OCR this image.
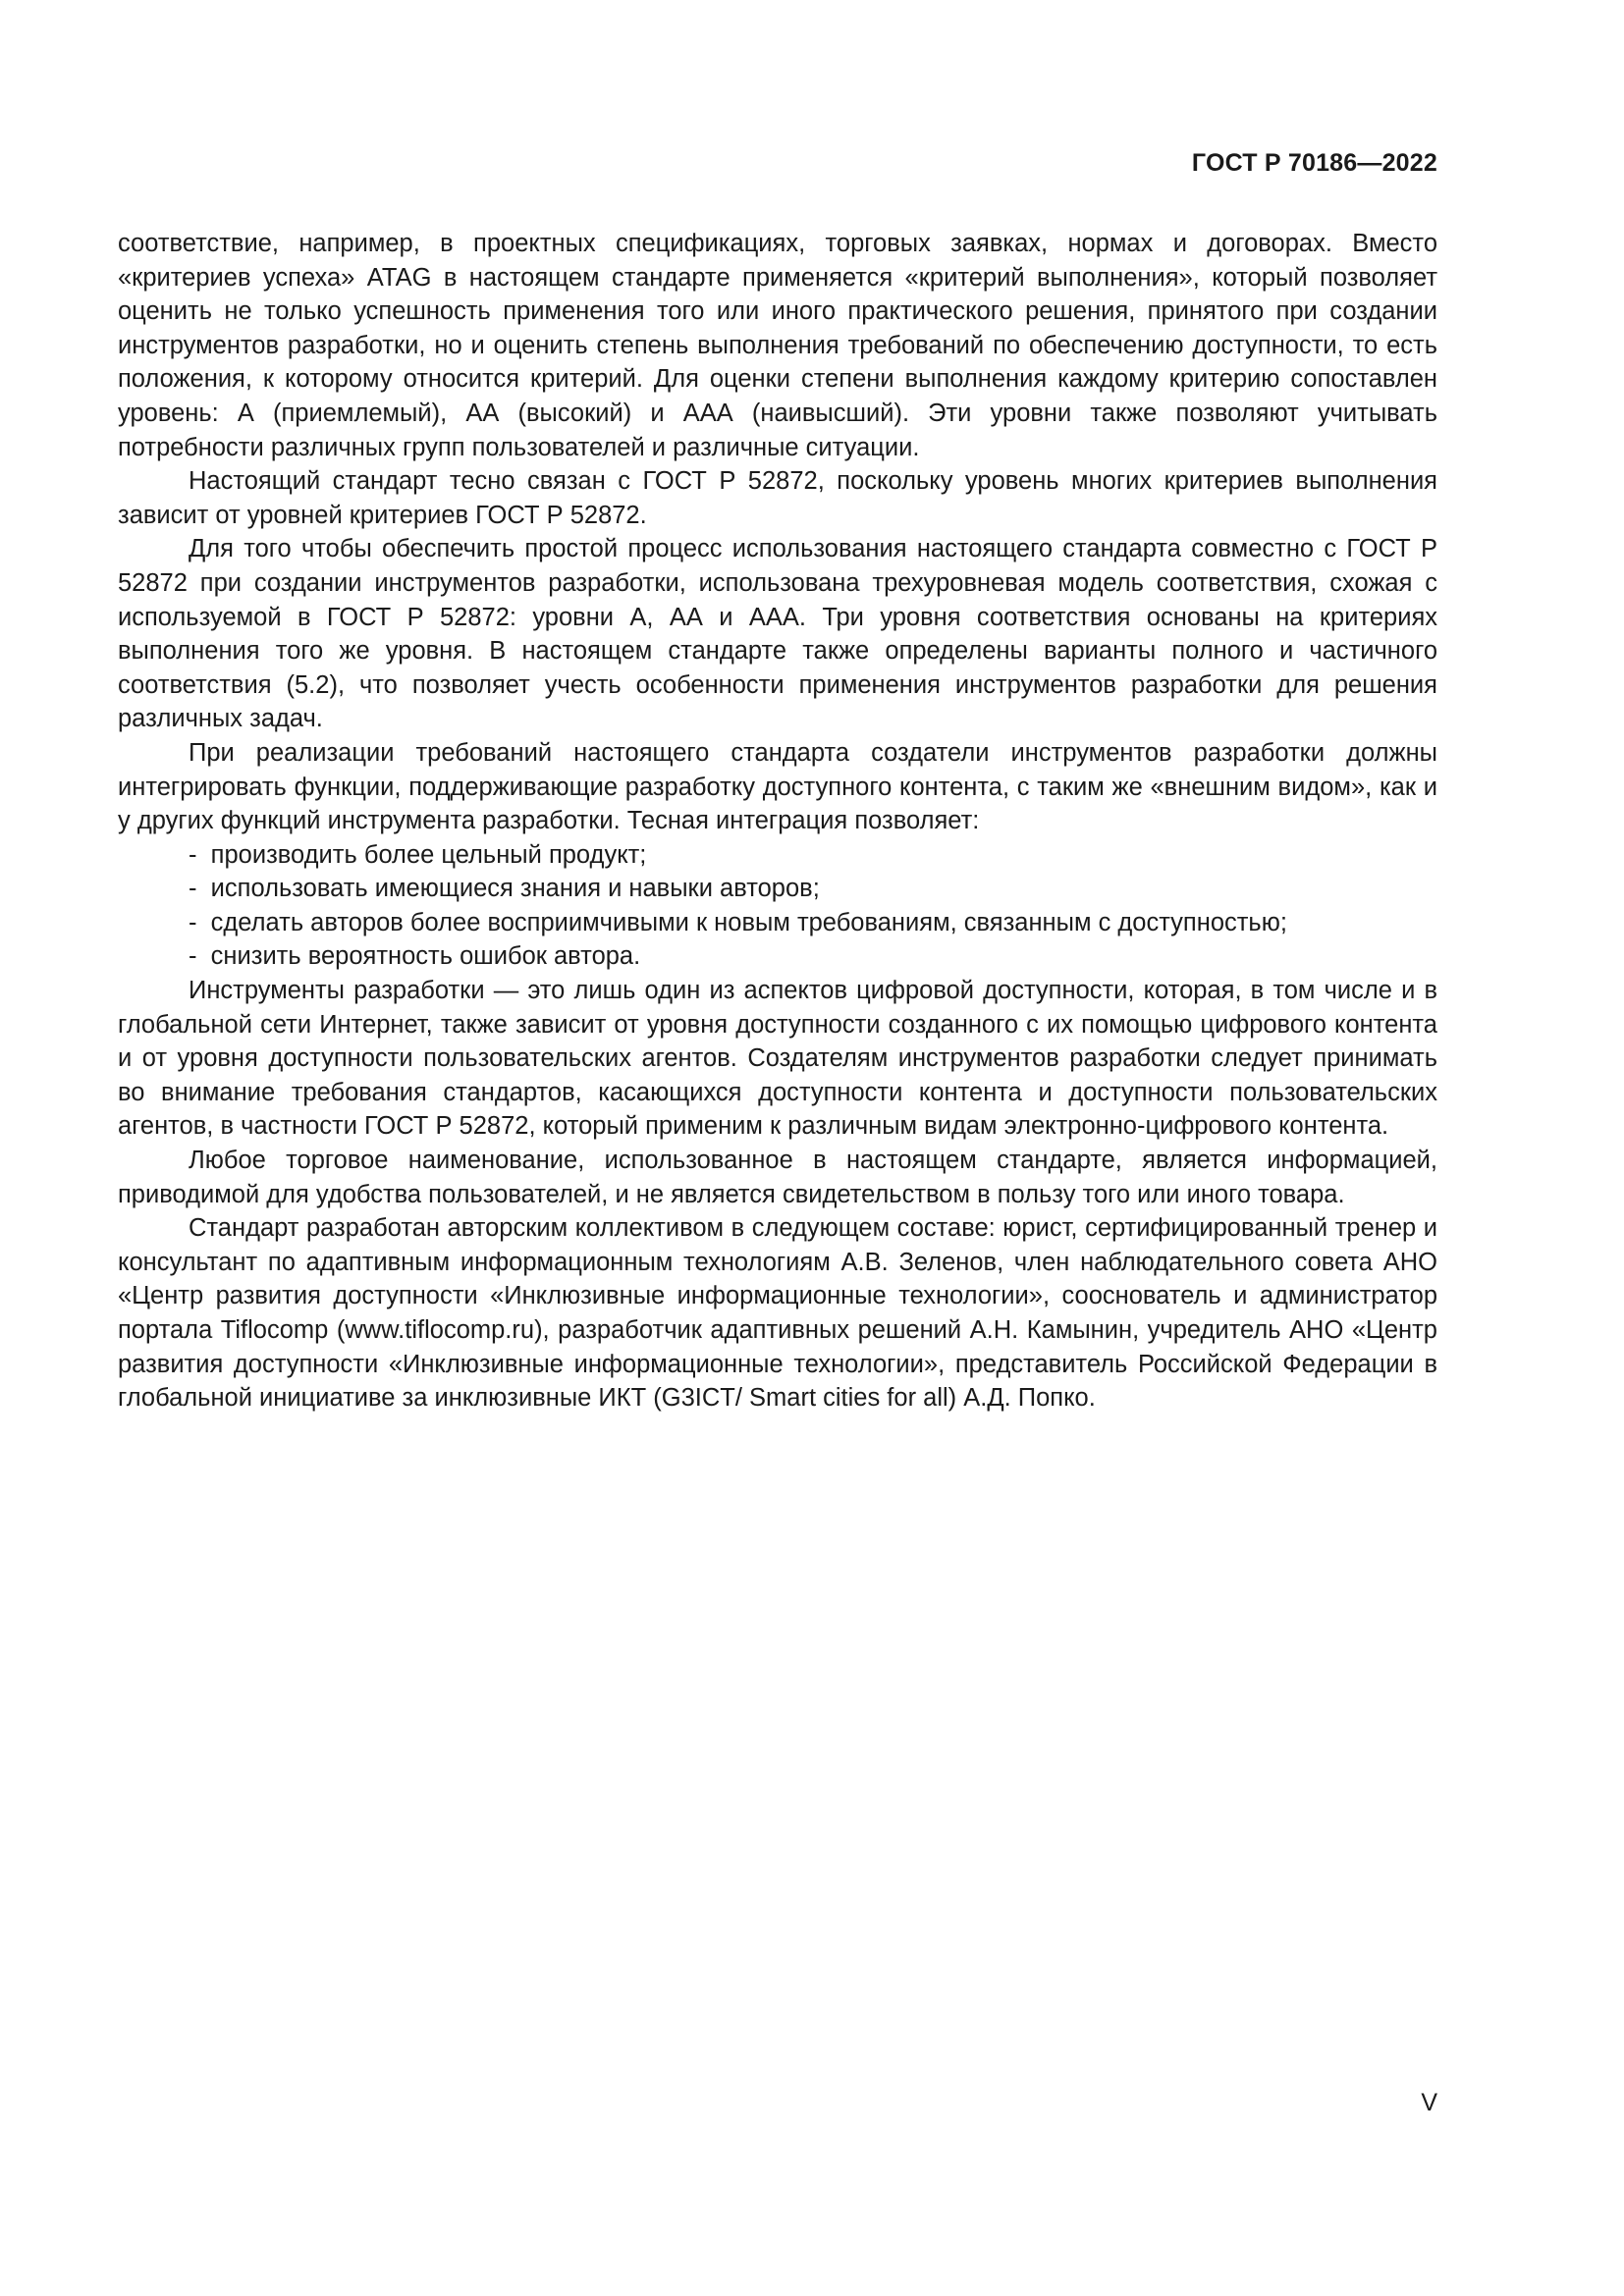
ГОСТ Р 70186—2022

соответствие, например, в проектных спецификациях, торговых заявках, нормах и договорах. Вместо «критериев успеха» ATAG в настоящем стандарте применяется «критерий выполнения», который позволяет оценить не только успешность применения того или иного практического решения, принятого при создании инструментов разработки, но и оценить степень выполнения требований по обеспечению доступности, то есть положения, к которому относится критерий. Для оценки степени выполнения каждому критерию сопоставлен уровень: А (приемлемый), АА (высокий) и ААА (наивысший). Эти уровни также позволяют учитывать потребности различных групп пользователей и различные ситуации.

Настоящий стандарт тесно связан с ГОСТ Р 52872, поскольку уровень многих критериев выполнения зависит от уровней критериев ГОСТ Р 52872.

Для того чтобы обеспечить простой процесс использования настоящего стандарта совместно с ГОСТ Р 52872 при создании инструментов разработки, использована трехуровневая модель соответствия, схожая с используемой в ГОСТ Р 52872: уровни А, АА и ААА. Три уровня соответствия основаны на критериях выполнения того же уровня. В настоящем стандарте также определены варианты полного и частичного соответствия (5.2), что позволяет учесть особенности применения инструментов разработки для решения различных задач.

При реализации требований настоящего стандарта создатели инструментов разработки должны интегрировать функции, поддерживающие разработку доступного контента, с таким же «внешним видом», как и у других функций инструмента разработки. Тесная интеграция позволяет:

-  производить более цельный продукт;
-  использовать имеющиеся знания и навыки авторов;
-  сделать авторов более восприимчивыми к новым требованиям, связанным с доступностью;
-  снизить вероятность ошибок автора.

Инструменты разработки — это лишь один из аспектов цифровой доступности, которая, в том числе и в глобальной сети Интернет, также зависит от уровня доступности созданного с их помощью цифрового контента и от уровня доступности пользовательских агентов. Создателям инструментов разработки следует принимать во внимание требования стандартов, касающихся доступности контента и доступности пользовательских агентов, в частности ГОСТ Р 52872, который применим к различным видам электронно-цифрового контента.

Любое торговое наименование, использованное в настоящем стандарте, является информацией, приводимой для удобства пользователей, и не является свидетельством в пользу того или иного товара.

Стандарт разработан авторским коллективом в следующем составе: юрист, сертифицированный тренер и консультант по адаптивным информационным технологиям А.В. Зеленов, член наблюдательного совета АНО «Центр развития доступности «Инклюзивные информационные технологии», сооснователь и администратор портала Tiflocomp (www.tiflocomp.ru), разработчик адаптивных решений А.Н. Камынин, учредитель АНО «Центр развития доступности «Инклюзивные информационные технологии», представитель Российской Федерации в глобальной инициативе за инклюзивные ИКТ (G3ICT/ Smart cities for all) А.Д. Попко.

V
